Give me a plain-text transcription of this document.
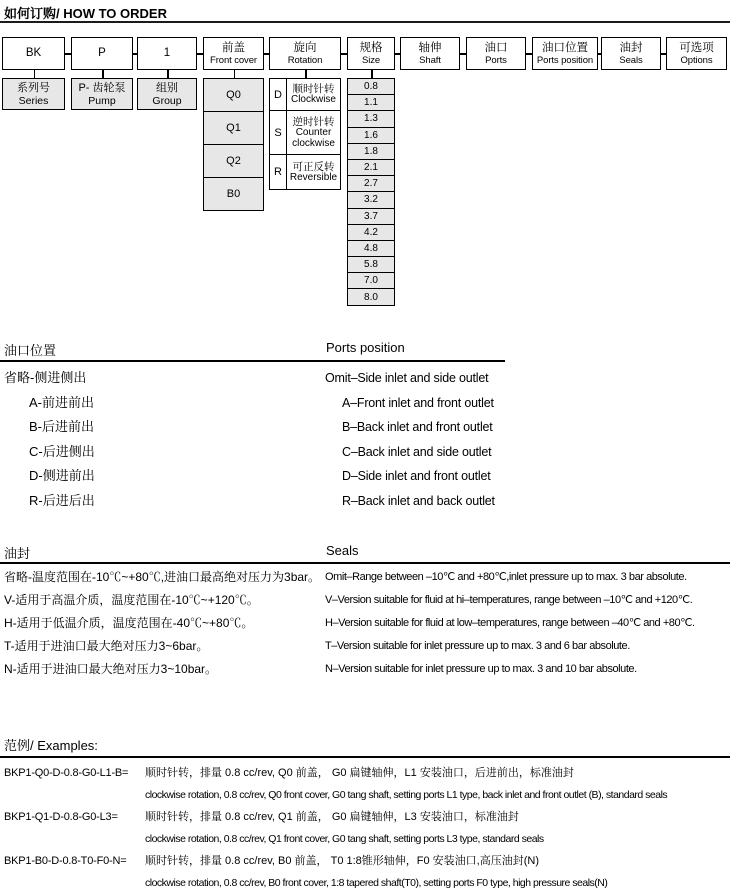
如何订购/ HOW TO ORDER
BK
系列号
Series
P
P- 齿轮泵
Pump
1
组别
Group
前盖
Front cover
Q0
Q1
Q2
B0
旋向
Rotation
D	顺时针转
Clockwise
S
逆时针转
Counter clockwise
R	可正反转
Reversible
规格
Size
0.8
1.1
1.3
1.6
1.8
2.1
2.7
3.2
3.7
4.2
4.8
5.8
7.0
8.0
轴伸
Shaft
油口
Ports
油口位置
Ports position
油封
Seals
可选项
Options
油口位置	Ports position
省略-侧进侧出	Omit–Side inlet and side outlet
A-前进前出	A–Front inlet and front outlet
B-后进前出	B–Back inlet and front outlet
C-后进侧出	C–Back inlet and side outlet
D-侧进前出	D–Side inlet and front outlet
R-后进后出	R–Back inlet and back outlet
油封	Seals
省略-温度范围在-10℃~+80℃,进油口最高绝对压力为3bar。 Omit–Range between –10℃ and +80℃,inlet pressure up to max. 3 bar absolute.
V-适用于高温介质，温度范围在-10℃~+120℃。	V–Version suitable for fluid at hi–temperatures, range between –10℃ and +120℃.
H-适用于低温介质，温度范围在-40℃~+80℃。	H–Version suitable for fluid at low–temperatures, range between –40℃ and +80℃.
T-适用于进油口最大绝对压力3~6bar。	T–Version suitable for inlet pressure up to max. 3 and 6 bar absolute.
N-适用于进油口最大绝对压力3~10bar。	N–Version suitable for inlet pressure up to max. 3 and 10 bar absolute.
范例/ Examples:
BKP1-Q0-D-0.8-G0-L1-B=	顺时针转，排量 0.8 cc/rev, Q0 前盖， G0 扁键轴伸，L1 安装油口，后进前出，标准油封
clockwise rotation, 0.8 cc/rev, Q0 front cover, G0 tang shaft, setting ports L1 type, back inlet and front outlet (B), standard seals
BKP1-Q1-D-0.8-G0-L3=	顺时针转，排量 0.8 cc/rev, Q1 前盖， G0 扁键轴伸，L3 安装油口，标准油封
clockwise rotation, 0.8 cc/rev, Q1 front cover, G0 tang shaft, setting ports L3 type, standard seals
BKP1-B0-D-0.8-T0-F0-N=	顺时针转，排量 0.8 cc/rev, B0 前盖， T0 1:8锥形轴伸，F0 安装油口,高压油封(N)
clockwise rotation, 0.8 cc/rev, B0 front cover, 1:8 tapered shaft(T0), setting ports F0 type, high pressure seals(N)
